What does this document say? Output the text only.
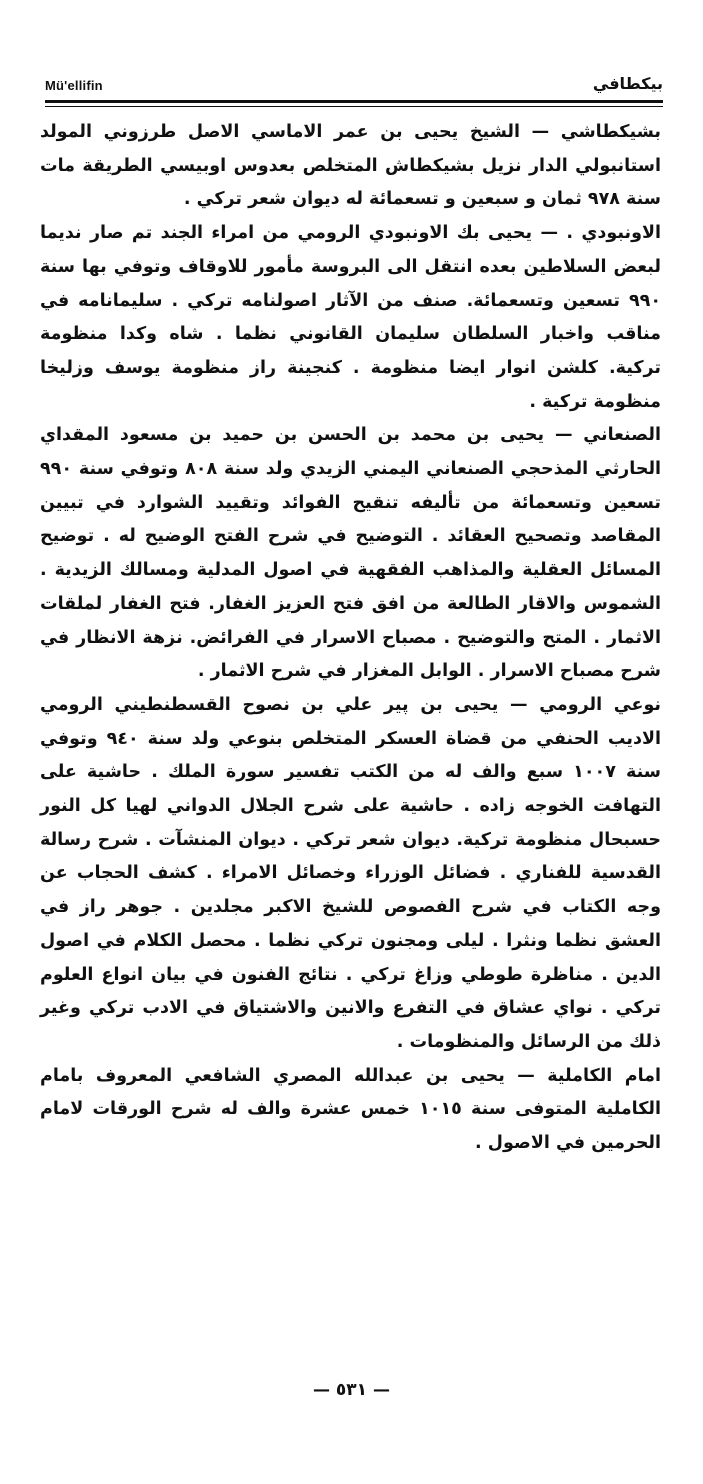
Mü'ellifin	بيكطافي

بشيكطاشي — الشيخ يحيى بن عمر الاماسي الاصل طرزوني المولد استانبولي الدار نزيل بشيكطاش المتخلص بعدوس اوبيسي الطريقة مات سنة ٩٧٨ ثمان و سبعين و تسعمائة له ديوان شعر تركي .

الاونبودي . — يحيى بك الاونبودي الرومي من امراء الجند تم صار نديما لبعض السلاطين بعده انتقل الى البروسة مأمور للاوقاف وتوفي بها سنة ٩٩٠ تسعين وتسعمائة. صنف من الآثار اصولنامه تركي . سليمانامه في مناقب واخبار السلطان سليمان القانوني نظما . شاه وكدا منظومة تركية. كلشن انوار ايضا منظومة . كنجينة راز منظومة يوسف وزليخا منظومة تركية .

الصنعاني — يحيى بن محمد بن الحسن بن حميد بن مسعود المقداي الحارثي المذحجي الصنعاني اليمني الزيدي ولد سنة ٨٠٨ وتوفي سنة ٩٩٠ تسعين وتسعمائة من تأليفه تنقيح الفوائد وتقييد الشوارد في تبيين المقاصد وتصحيح العقائد . التوضيح في شرح الفتح الوضيح له . توضيح المسائل العقلية والمذاهب الفقهية في اصول المدلية ومسالك الزيدية . الشموس والاقار الطالعة من افق فتح العزيز الغفار. فتح الغفار لملقات الاثمار . المتح والتوضيح . مصباح الاسرار في الفرائض. نزهة الانظار في شرح مصباح الاسرار . الوابل المغزار في شرح الاثمار .

نوعي الرومي — يحيى بن پير علي بن نصوح القسطنطيني الرومي الاديب الحنفي من قضاة العسكر المتخلص بنوعي ولد سنة ٩٤٠ وتوفي سنة ١٠٠٧ سبع والف له من الكتب تفسير سورة الملك . حاشية على التهافت الخوجه زاده . حاشية على شرح الجلال الدواني لهيا كل النور حسبحال منظومة تركية. ديوان شعر تركي . ديوان المنشآت . شرح رسالة القدسية للفناري . فضائل الوزراء وخصائل الامراء . كشف الحجاب عن وجه الكتاب في شرح الفصوص للشيخ الاكبر مجلدين . جوهر راز في العشق نظما ونثرا . ليلى ومجنون تركي نظما . محصل الكلام في اصول الدين . مناظرة طوطي وزاغ تركي . نتائج الفنون في بيان انواع العلوم تركي . نواي عشاق في التفرع والانين والاشتياق في الادب تركي وغير ذلك من الرسائل والمنظومات .

امام الكاملية — يحيى بن عبدالله المصري الشافعي المعروف بامام الكاملية المتوفى سنة ١٠١٥ خمس عشرة والف له شرح الورقات لامام الحرمين في الاصول .

— ٥٣١ —
